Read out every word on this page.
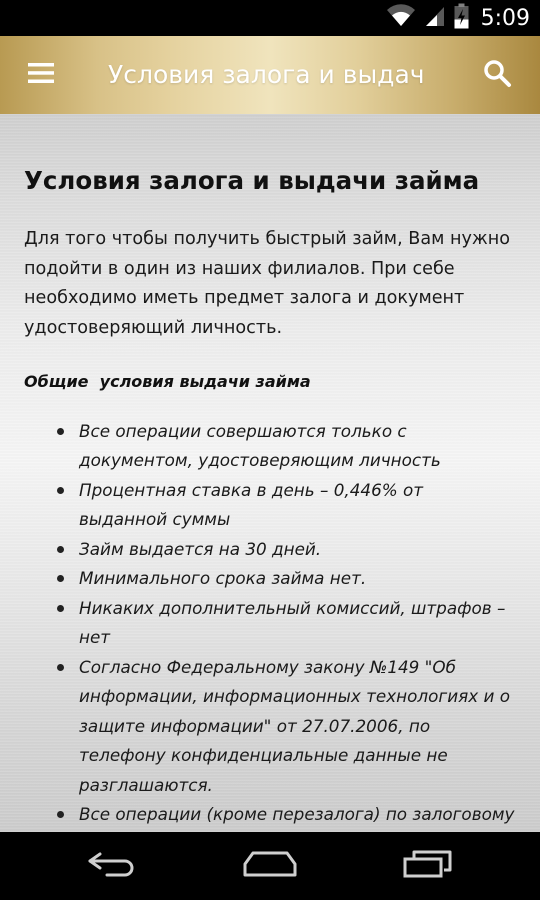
5:09
Условия залога и выдач
Условия залога и выдачи займа

Для того чтобы получить быстрый займ, Вам нужно подойти в один из наших филиалов. При себе необходимо иметь предмет залога и документ удостоверяющий личность.

Общие  условия выдачи займа

Все операции совершаются только с документом, удостоверяющим личность
Процентная ставка в день – 0,446% от выданной суммы
Займ выдается на 30 дней.
Минимального срока займа нет.
Никаких дополнительный комиссий, штрафов – нет
Согласно Федеральному закону №149 "Об информации, информационных технологиях и о защите информации" от 27.07.2006, по телефону конфиденциальные данные не разглашаются.
Все операции (кроме перезалога) по залоговому
